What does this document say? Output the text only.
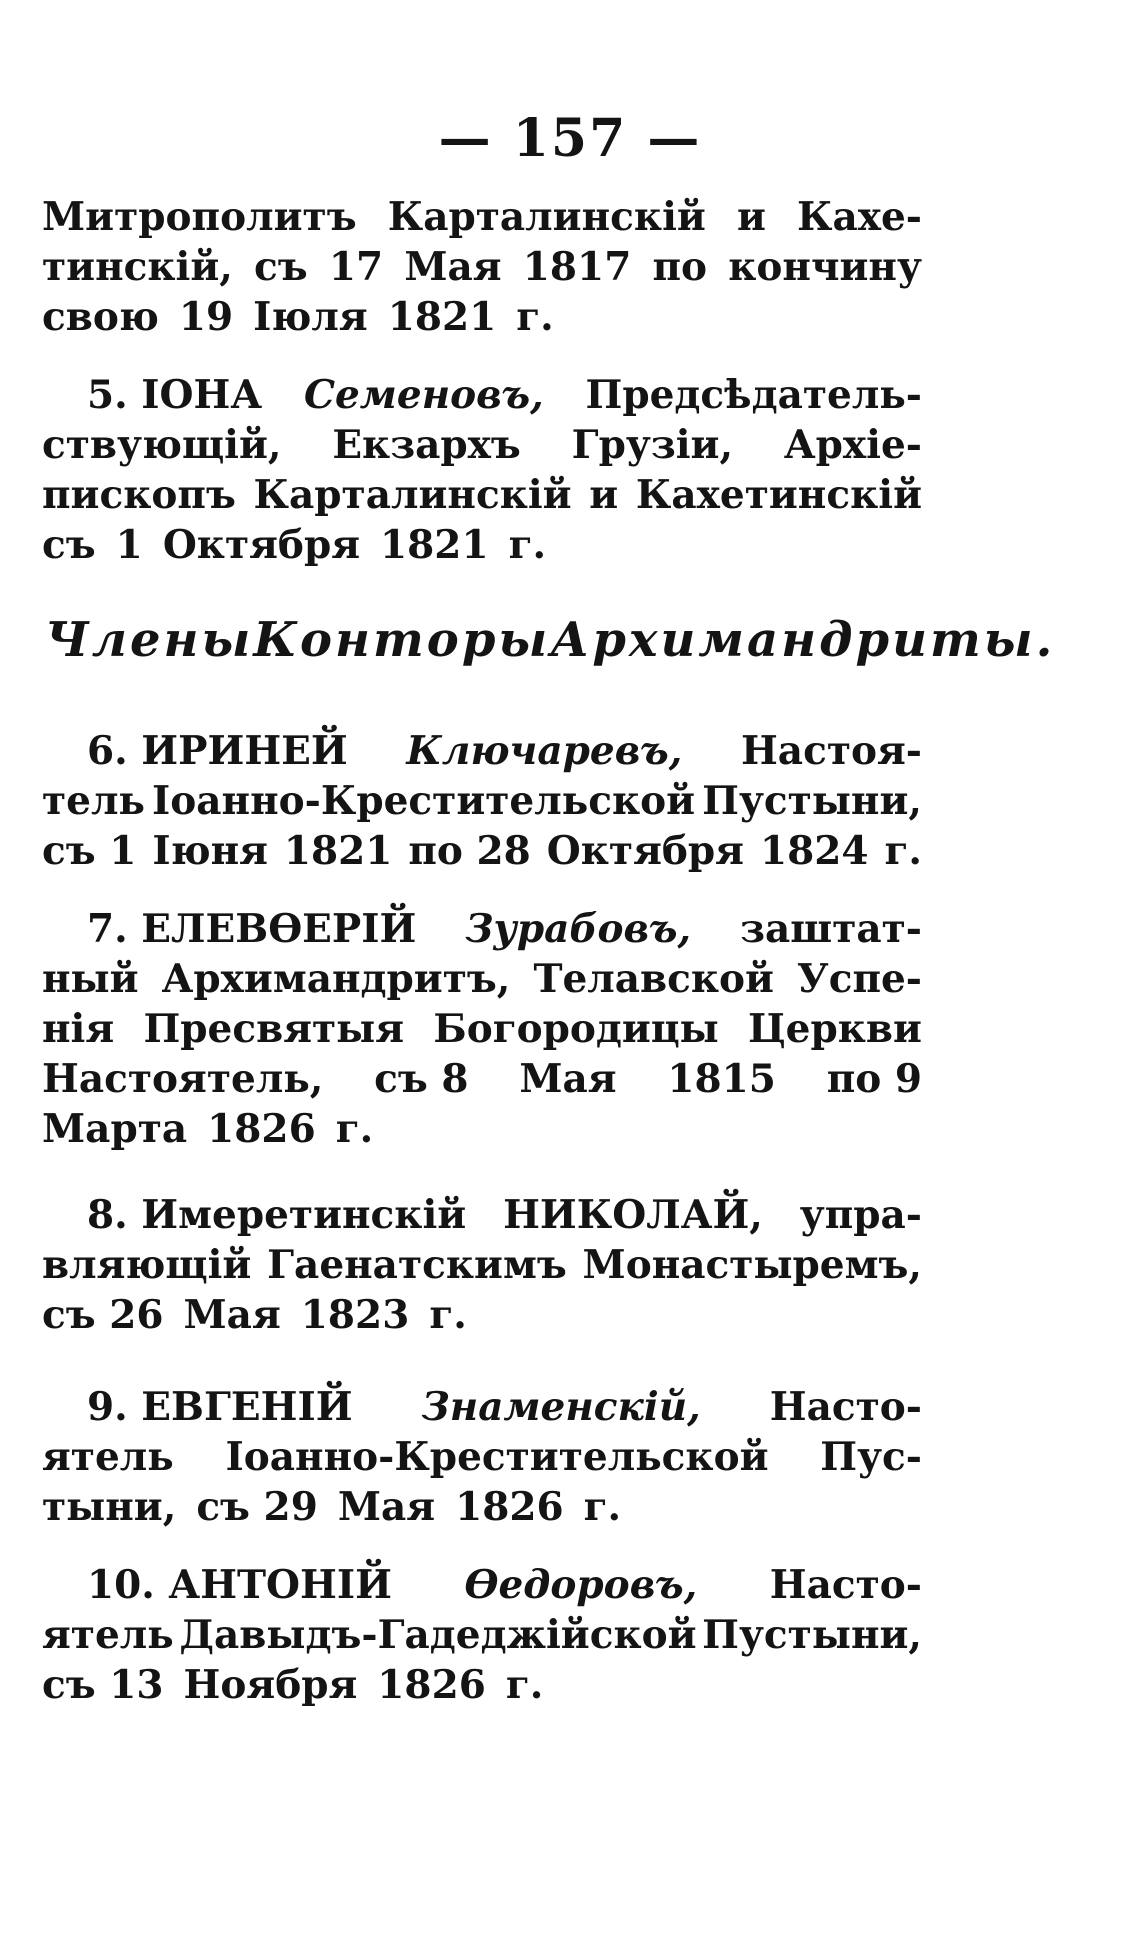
— 157 —
Митрополитъ Карталинскій и Кахе-
тинскій, съ 17 Мая 1817 по кончину
свою 19 Іюля 1821 г.
5. ІОНА Семеновъ, Предсѣдатель-
ствующій, Екзархъ Грузіи, Архіе-
пископъ Карталинскій и Кахетинскій
съ 1 Октября 1821 г.
Члены Конторы Архимандриты.
6. ИРИНЕЙ Ключаревъ, Настоя-
тель Іоанно-Крестительской Пустыни,
съ 1 Іюня 1821 по 28 Октября 1824 г.
7. ЕЛЕВѲЕРІЙ Зурабовъ, заштат-
ный Архимандритъ, Телавской Успе-
нія Пресвятыя Богородицы Церкви
Настоятель, съ 8 Мая 1815 по 9
Марта 1826 г.
8. Имеретинскій НИКОЛАЙ, упра-
вляющій Гаенатскимъ Монастыремъ,
съ 26 Мая 1823 г.
9. ЕВГЕНІЙ Знаменскій, Насто-
ятель Іоанно-Крестительской Пус-
тыни, съ 29 Мая 1826 г.
10. АНТОНІЙ Ѳедоровъ, Насто-
ятель Давыдъ-Гадеджійской Пустыни,
съ 13 Ноября 1826 г.
